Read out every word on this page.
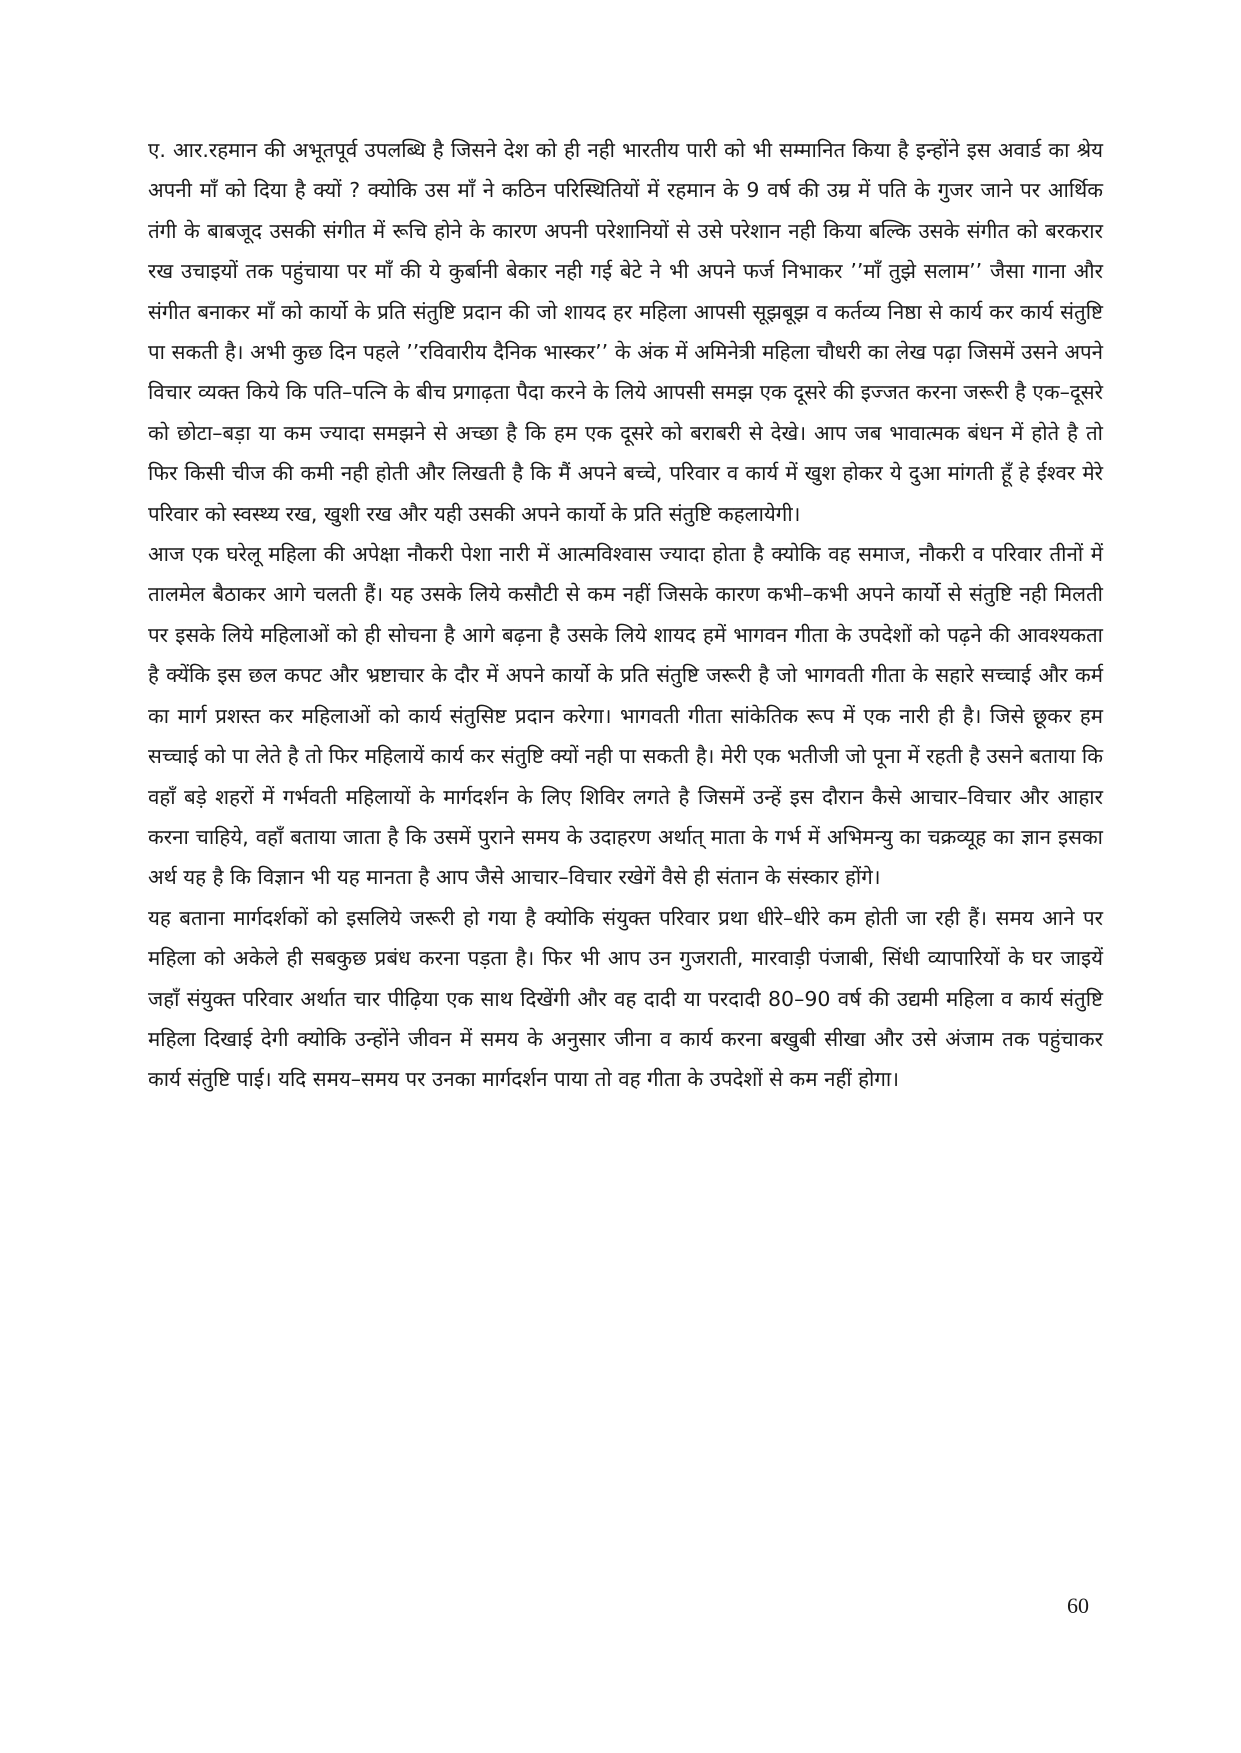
ए. आर.रहमान की अभूतपूर्व उपलब्धि है जिसने देश को ही नही भारतीय पारी को भी सम्मानित किया है इन्होंने इस अवार्ड का श्रेय अपनी माँ को दिया है क्यों ? क्योकि उस माँ ने कठिन परिस्थितियों में रहमान के 9 वर्ष की उम्र में पति के गुजर जाने पर आर्थिक तंगी के बाबजूद उसकी संगीत में रूचि होने के कारण अपनी परेशानियों से उसे परेशान नही किया बल्कि उसके संगीत को बरकरार रख उचाइयों तक पहुंचाया पर माँ की ये कुर्बानी बेकार नही गई बेटे ने भी अपने फर्ज निभाकर ’’माँ तुझे सलाम’’ जैसा गाना और संगीत बनाकर माँ को कार्यो के प्रति संतुष्टि प्रदान की जो शायद हर महिला आपसी सूझबूझ व कर्तव्य निष्ठा से कार्य कर कार्य संतुष्टि पा सकती है। अभी कुछ दिन पहले ’’रविवारीय दैनिक भास्कर’’ के अंक में अमिनेत्री महिला चौधरी का लेख पढ़ा जिसमें उसने अपने विचार व्यक्त किये कि पति–पत्नि के बीच प्रगाढ़ता पैदा करने के लिये आपसी समझ एक दूसरे की इज्जत करना जरूरी है एक–दूसरे को छोटा–बड़ा या कम ज्यादा समझने से अच्छा है कि हम एक दूसरे को बराबरी से देखे। आप जब भावात्मक बंधन में होते है तो फिर किसी चीज की कमी नही होती और लिखती है कि मैं अपने बच्चे, परिवार व कार्य में खुश होकर ये दुआ मांगती हूँ हे ईश्वर मेरे परिवार को स्वस्थ्य रख, खुशी रख और यही उसकी अपने कार्यो के प्रति संतुष्टि कहलायेगी।

आज एक घरेलू महिला की अपेक्षा नौकरी पेशा नारी में आत्मविश्वास ज्यादा होता है क्योकि वह समाज, नौकरी व परिवार तीनों में तालमेल बैठाकर आगे चलती हैं। यह उसके लिये कसौटी से कम नहीं जिसके कारण कभी–कभी अपने कार्यो से संतुष्टि नही मिलती पर इसके लिये महिलाओं को ही सोचना है आगे बढ़ना है उसके लिये शायद हमें भागवन गीता के उपदेशों को पढ़ने की आवश्यकता है क्येंकि इस छल कपट और भ्रष्टाचार के दौर में अपने कार्यो के प्रति संतुष्टि जरूरी है जो भागवती गीता के सहारे सच्चाई और कर्म का मार्ग प्रशस्त कर महिलाओं को कार्य संतुसिष्ट प्रदान करेगा। भागवती गीता सांकेतिक रूप में एक नारी ही है। जिसे छूकर हम सच्चाई को पा लेते है तो फिर महिलायें कार्य कर संतुष्टि क्यों नही पा सकती है। मेरी एक भतीजी जो पूना में रहती है उसने बताया कि वहाँ बड़े शहरों में गर्भवती महिलायों के मार्गदर्शन के लिए शिविर लगते है जिसमें उन्हें इस दौरान कैसे आचार–विचार और आहार करना चाहिये, वहाँ बताया जाता है कि उसमें पुराने समय के उदाहरण अर्थात् माता के गर्भ में अभिमन्यु का चक्रव्यूह का ज्ञान इसका अर्थ यह है कि विज्ञान भी यह मानता है आप जैसे आचार–विचार रखेगें वैसे ही संतान के संस्कार होंगे।

यह बताना मार्गदर्शकों को इसलिये जरूरी हो गया है क्योकि संयुक्त परिवार प्रथा धीरे–धीरे कम होती जा रही हैं। समय आने पर महिला को अकेले ही सबकुछ प्रबंध करना पड़ता है। फिर भी आप उन गुजराती, मारवाड़ी पंजाबी, सिंधी व्यापारियों के घर जाइयें जहाँ संयुक्त परिवार अर्थात चार पीढ़िया एक साथ दिखेंगी और वह दादी या परदादी 80–90 वर्ष की उद्यमी महिला व कार्य संतुष्टि महिला दिखाई देगी क्योकि उन्होंने जीवन में समय के अनुसार जीना व कार्य करना बखुबी सीखा और उसे अंजाम तक पहुंचाकर कार्य संतुष्टि पाई। यदि समय–समय पर उनका मार्गदर्शन पाया तो वह गीता के उपदेशों से कम नहीं होगा।

60
